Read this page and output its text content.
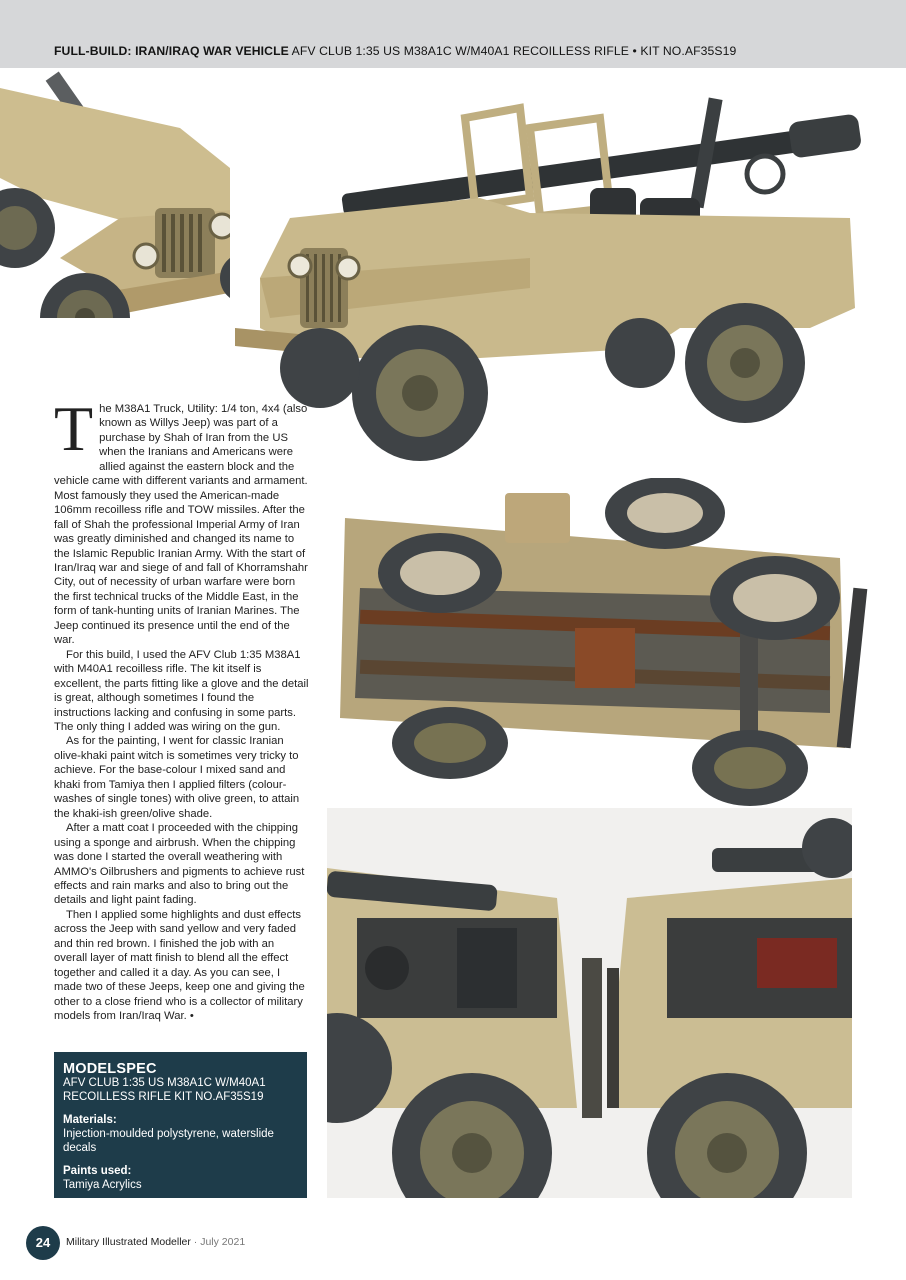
FULL-BUILD: IRAN/IRAQ WAR VEHICLE AFV CLUB 1:35 US M38A1C W/M40A1 RECOILLESS RIFLE • KIT NO.AF35S19

The M38A1 Truck, Utility: 1/4 ton, 4x4 (also known as Willys Jeep) was part of a purchase by Shah of Iran from the US when the Iranians and Americans were allied against the eastern block and the vehicle came with different variants and armament. Most famously they used the American-made 106mm recoilless rifle and TOW missiles. After the fall of Shah the professional Imperial Army of Iran was greatly diminished and changed its name to the Islamic Republic Iranian Army. With the start of Iran/Iraq war and siege of and fall of Khorramshahr City, out of necessity of urban warfare were born the first technical trucks of the Middle East, in the form of tank-hunting units of Iranian Marines. The Jeep continued its presence until the end of the war.

For this build, I used the AFV Club 1:35 M38A1 with M40A1 recoilless rifle. The kit itself is excellent, the parts fitting like a glove and the detail is great, although sometimes I found the instructions lacking and confusing in some parts. The only thing I added was wiring on the gun.

As for the painting, I went for classic Iranian olive-khaki paint witch is sometimes very tricky to achieve. For the base-colour I mixed sand and khaki from Tamiya then I applied filters (colour-washes of single tones) with olive green, to attain the khaki-ish green/olive shade.

After a matt coat I proceeded with the chipping using a sponge and airbrush. When the chipping was done I started the overall weathering with AMMO's Oilbrushers and pigments to achieve rust effects and rain marks and also to bring out the details and light paint fading.

Then I applied some highlights and dust effects across the Jeep with sand yellow and very faded and thin red brown. I finished the job with an overall layer of matt finish to blend all the effect together and called it a day. As you can see, I made two of these Jeeps, keep one and giving the other to a close friend who is a collector of military models from Iran/Iraq War. •

MODELSPEC
AFV CLUB 1:35 US M38A1C W/M40A1 RECOILLESS RIFLE KIT NO.AF35S19
Materials:
Injection-moulded polystyrene, waterslide decals
Paints used:
Tamiya Acrylics
24	Military Illustrated Modeller · July 2021
